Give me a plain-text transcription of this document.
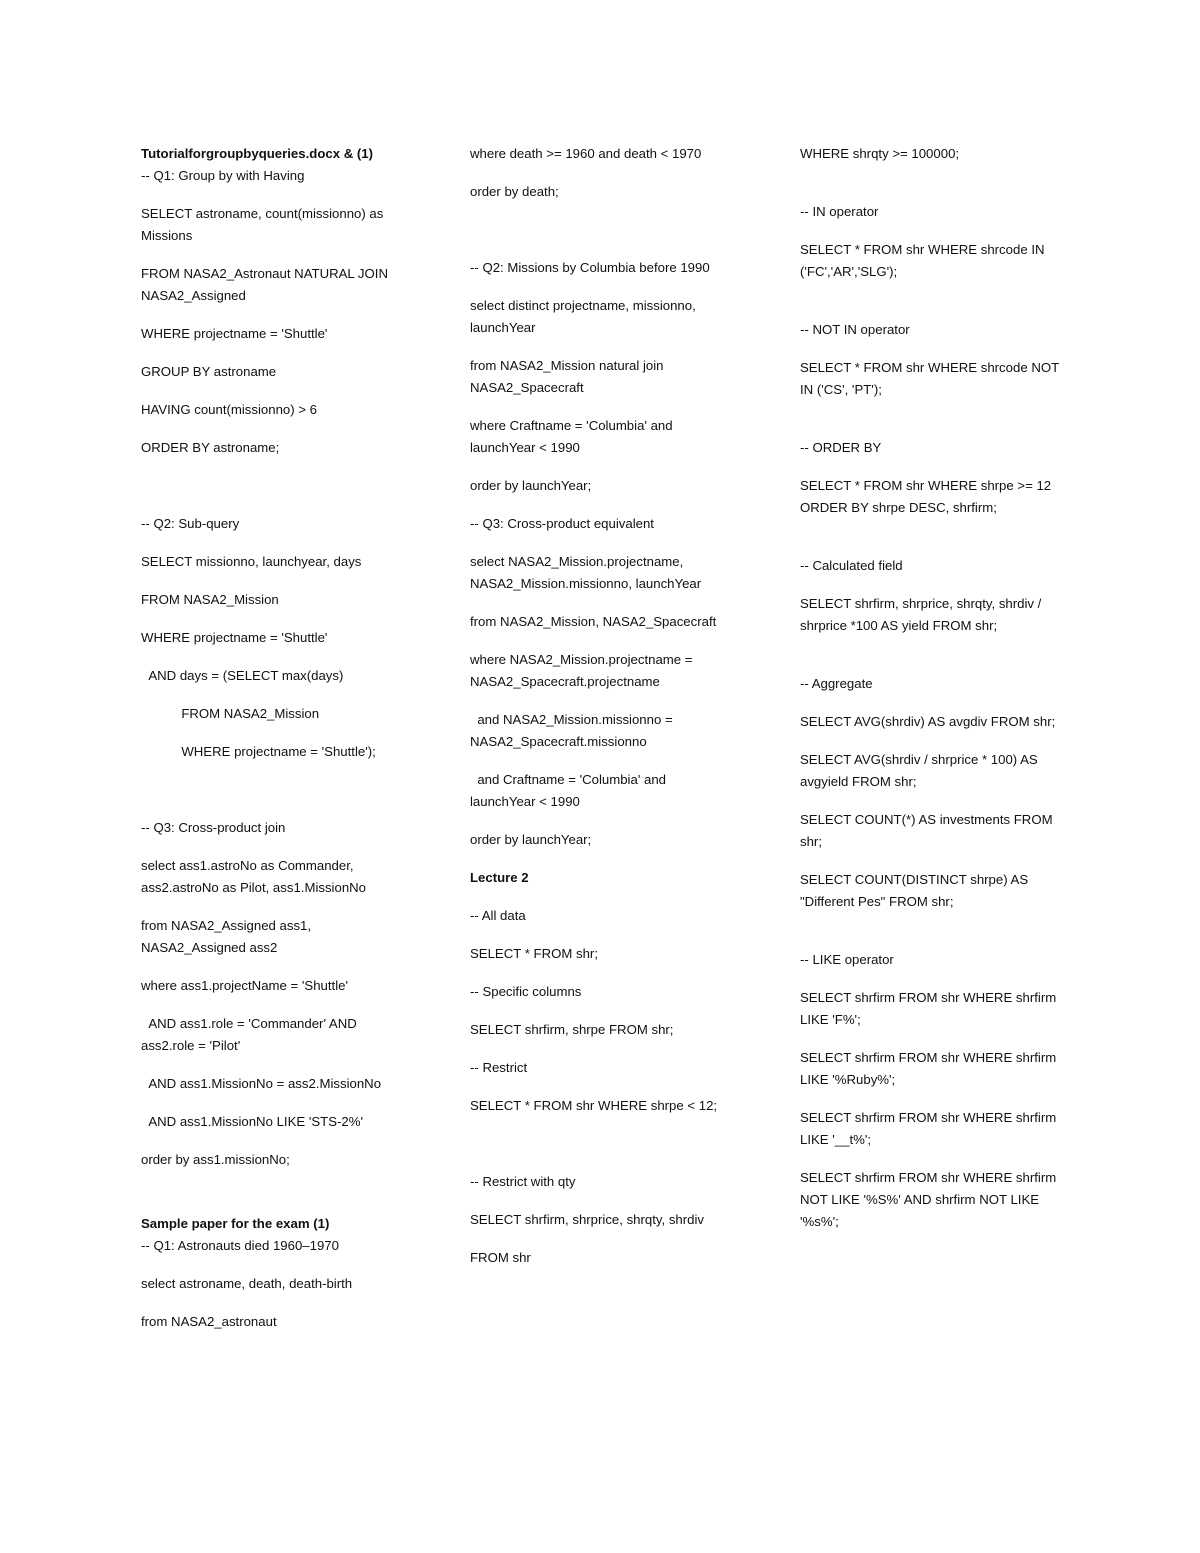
Tutorialforgroupbyqueries.docx & (1)

-- Q1: Group by with Having

SELECT astroname, count(missionno) as Missions

FROM NASA2_Astronaut NATURAL JOIN NASA2_Assigned

WHERE projectname = 'Shuttle'

GROUP BY astroname

HAVING count(missionno) > 6

ORDER BY astroname;

-- Q2: Sub-query

SELECT missionno, launchyear, days

FROM NASA2_Mission

WHERE projectname = 'Shuttle'

AND days = (SELECT max(days)

FROM NASA2_Mission

WHERE projectname = 'Shuttle');

-- Q3: Cross-product join

select ass1.astroNo as Commander, ass2.astroNo as Pilot, ass1.MissionNo

from NASA2_Assigned ass1, NASA2_Assigned ass2

where ass1.projectName = 'Shuttle'

AND ass1.role = 'Commander' AND ass2.role = 'Pilot'

AND ass1.MissionNo = ass2.MissionNo

AND ass1.MissionNo LIKE 'STS-2%'

order by ass1.missionNo;

Sample paper for the exam (1)

-- Q1: Astronauts died 1960–1970

select astroname, death, death-birth

from NASA2_astronaut

where death >= 1960 and death < 1970

order by death;

-- Q2: Missions by Columbia before 1990

select distinct projectname, missionno, launchYear

from NASA2_Mission natural join NASA2_Spacecraft

where Craftname = 'Columbia' and launchYear < 1990

order by launchYear;

-- Q3: Cross-product equivalent

select NASA2_Mission.projectname, NASA2_Mission.missionno, launchYear

from NASA2_Mission, NASA2_Spacecraft

where NASA2_Mission.projectname = NASA2_Spacecraft.projectname

and NASA2_Mission.missionno = NASA2_Spacecraft.missionno

and Craftname = 'Columbia' and launchYear < 1990

order by launchYear;

Lecture 2

-- All data

SELECT * FROM shr;

-- Specific columns

SELECT shrfirm, shrpe FROM shr;

-- Restrict

SELECT * FROM shr WHERE shrpe < 12;

-- Restrict with qty

SELECT shrfirm, shrprice, shrqty, shrdiv

FROM shr

WHERE shrqty >= 100000;

-- IN operator

SELECT * FROM shr WHERE shrcode IN ('FC','AR','SLG');

-- NOT IN operator

SELECT * FROM shr WHERE shrcode NOT IN ('CS', 'PT');

-- ORDER BY

SELECT * FROM shr WHERE shrpe >= 12 ORDER BY shrpe DESC, shrfirm;

-- Calculated field

SELECT shrfirm, shrprice, shrqty, shrdiv / shrprice *100 AS yield FROM shr;

-- Aggregate

SELECT AVG(shrdiv) AS avgdiv FROM shr;

SELECT AVG(shrdiv / shrprice * 100) AS avgyield FROM shr;

SELECT COUNT(*) AS investments FROM shr;

SELECT COUNT(DISTINCT shrpe) AS "Different Pes" FROM shr;

-- LIKE operator

SELECT shrfirm FROM shr WHERE shrfirm LIKE 'F%';

SELECT shrfirm FROM shr WHERE shrfirm LIKE '%Ruby%';

SELECT shrfirm FROM shr WHERE shrfirm LIKE '__t%';

SELECT shrfirm FROM shr WHERE shrfirm NOT LIKE '%S%' AND shrfirm NOT LIKE '%s%';
